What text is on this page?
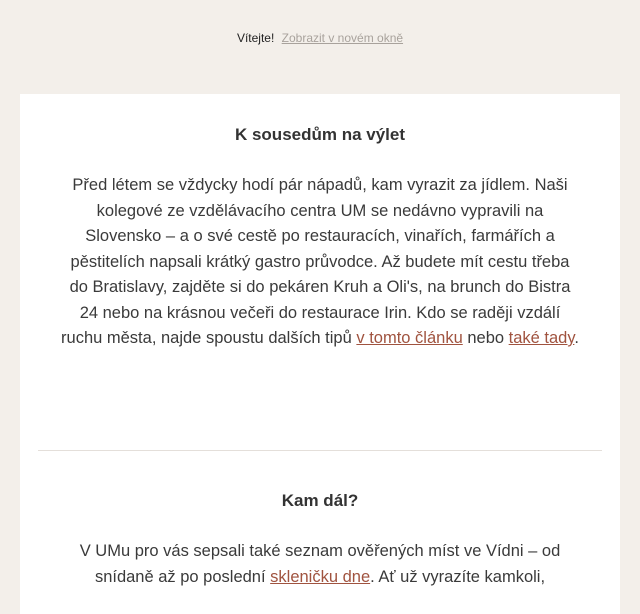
Vítejte! Zobrazit v novém okně
K sousedům na výlet

Před létem se vždycky hodí pár nápadů, kam vyrazit za jídlem. Naši kolegové ze vzdělávacího centra UM se nedávno vypravili na Slovensko – a o své cestě po restauracích, vinařích, farmářích a pěstitelích napsali krátký gastro průvodce. Až budete mít cestu třeba do Bratislavy, zajděte si do pekáren Kruh a Oli's, na brunch do Bistra 24 nebo na krásnou večeři do restaurace Irin. Kdo se raději vzdálí ruchu města, najde spoustu dalších tipů v tomto článku nebo také tady.

Kam dál?

V UMu pro vás sepsali také seznam ověřených míst ve Vídni – od snídaně až po poslední skleničku dne. Ať už vyrazíte kamkoli,
